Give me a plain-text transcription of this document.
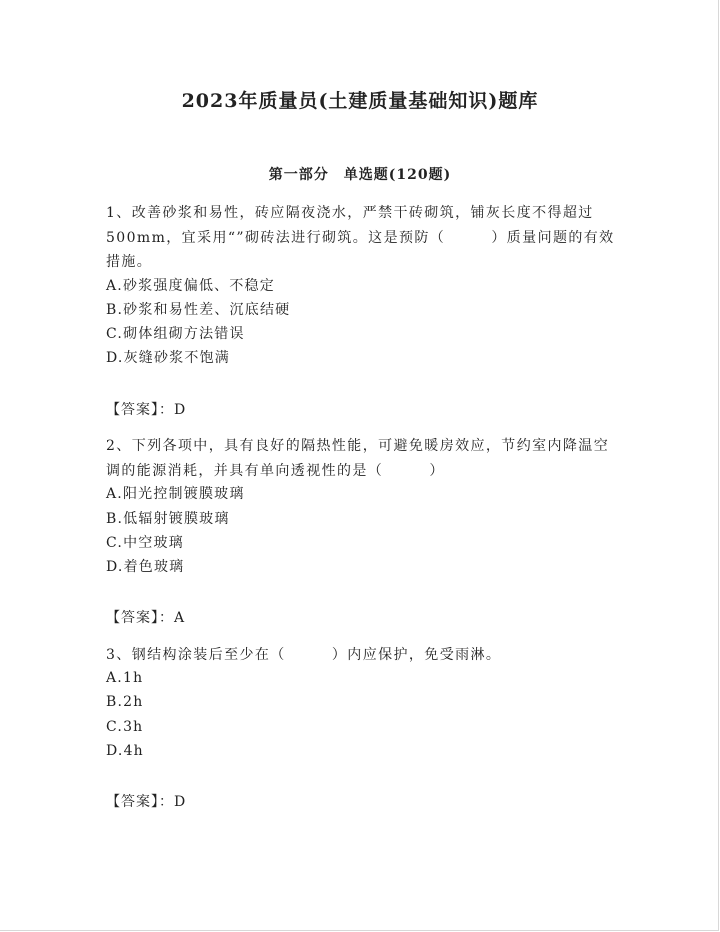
2023年质量员(土建质量基础知识)题库
第一部分　单选题(120题)
1、改善砂浆和易性，砖应隔夜浇水，严禁干砖砌筑，铺灰长度不得超过500mm，宜采用“”砌砖法进行砌筑。这是预防（　　　）质量问题的有效措施。
A.砂浆强度偏低、不稳定
B.砂浆和易性差、沉底结硬
C.砌体组砌方法错误
D.灰缝砂浆不饱满
【答案】：D
2、下列各项中，具有良好的隔热性能，可避免暖房效应，节约室内降温空调的能源消耗，并具有单向透视性的是（　　　）
A.阳光控制镀膜玻璃
B.低辐射镀膜玻璃
C.中空玻璃
D.着色玻璃
【答案】：A
3、钢结构涂装后至少在（　　　）内应保护，免受雨淋。
A.1h
B.2h
C.3h
D.4h
【答案】：D
